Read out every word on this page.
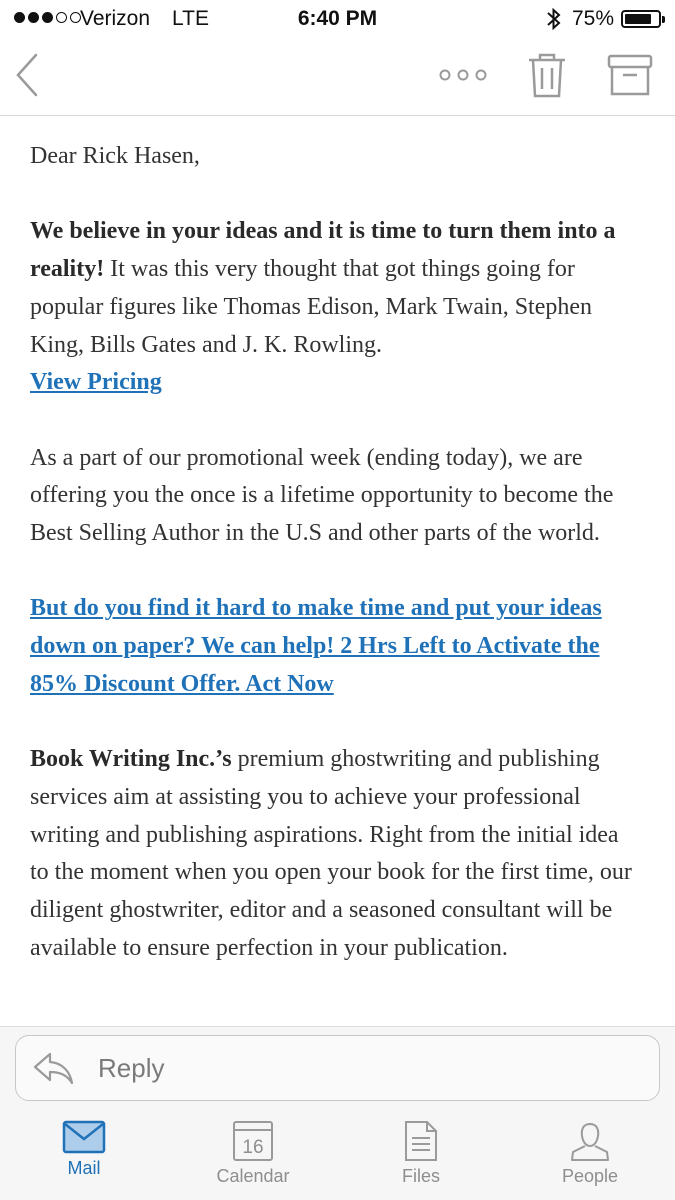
Verizon LTE	6:40 PM	75%

Dear Rick Hasen,

We believe in your ideas and it is time to turn them into a reality! It was this very thought that got things going for popular figures like Thomas Edison, Mark Twain, Stephen King, Bills Gates and J. K. Rowling.
View Pricing

As a part of our promotional week (ending today), we are offering you the once is a lifetime opportunity to become the Best Selling Author in the U.S and other parts of the world.

But do you find it hard to make time and put your ideas down on paper? We can help! 2 Hrs Left to Activate the 85% Discount Offer. Act Now

Book Writing Inc.’s premium ghostwriting and publishing services aim at assisting you to achieve your professional writing and publishing aspirations. Right from the initial idea to the moment when you open your book for the first time, our diligent ghostwriter, editor and a seasoned consultant will be available to ensure perfection in your publication.

Reply
Mail
16
Calendar	Files	People
